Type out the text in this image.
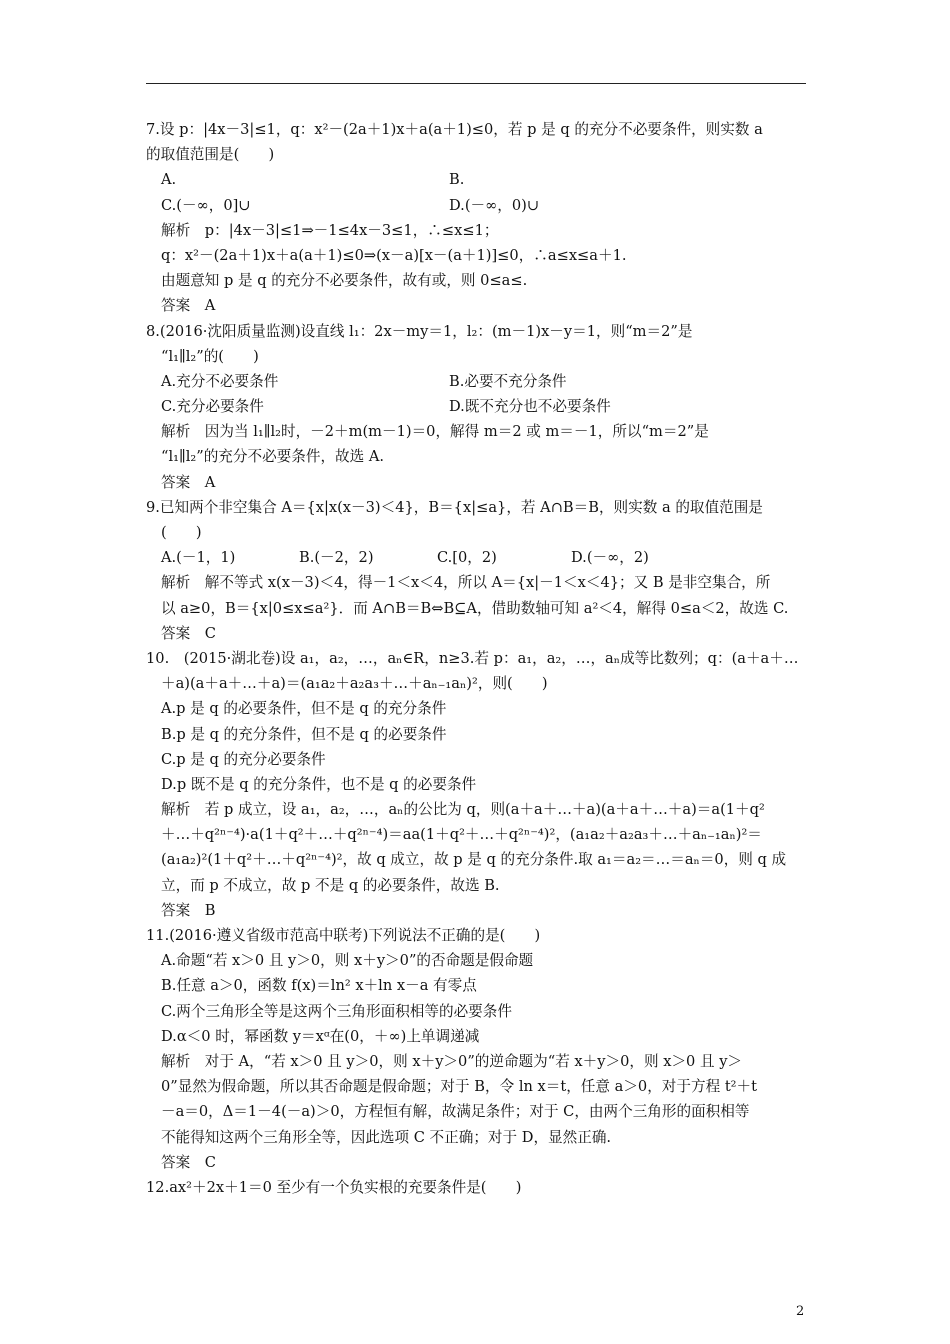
7.设 p：|4x－3|≤1，q：x²－(2a＋1)x＋a(a＋1)≤0，若 p 是 q 的充分不必要条件，则实数 a
的取值范围是(　　)
A.	B.
C.(－∞，0]∪	D.(－∞，0)∪
解析　p：|4x－3|≤1⇒－1≤4x－3≤1，∴≤x≤1；
q：x²－(2a＋1)x＋a(a＋1)≤0⇒(x－a)[x－(a＋1)]≤0，∴a≤x≤a＋1.
由题意知 p 是 q 的充分不必要条件，故有或，则 0≤a≤.
答案　A
8.(2016·沈阳质量监测)设直线 l₁：2x－my＝1，l₂：(m－1)x－y＝1，则“m＝2”是
“l₁∥l₂”的(　　)
A.充分不必要条件	B.必要不充分条件
C.充分必要条件	D.既不充分也不必要条件
解析　因为当 l₁∥l₂时，－2＋m(m－1)＝0，解得 m＝2 或 m＝－1，所以“m＝2”是
“l₁∥l₂”的充分不必要条件，故选 A.
答案　A
9.已知两个非空集合 A＝{x|x(x－3)＜4}，B＝{x|≤a}，若 A∩B＝B，则实数 a 的取值范围是
(　　)
A.(－1，1)	B.(－2，2)	C.[0，2)	D.(－∞，2)
解析　解不等式 x(x－3)＜4，得－1＜x＜4，所以 A＝{x|－1＜x＜4}；又 B 是非空集合，所
以 a≥0，B＝{x|0≤x≤a²}．而 A∩B＝B⇔B⊆A，借助数轴可知 a²＜4，解得 0≤a＜2，故选 C.
答案　C
10.　(2015·湖北卷)设 a₁，a₂，…，aₙ∈R，n≥3.若 p：a₁，a₂，…，aₙ成等比数列；q：(a＋a＋…
＋a)(a＋a＋…＋a)＝(a₁a₂＋a₂a₃＋…＋aₙ₋₁aₙ)²，则(　　)
A.p 是 q 的必要条件，但不是 q 的充分条件
B.p 是 q 的充分条件，但不是 q 的必要条件
C.p 是 q 的充分必要条件
D.p 既不是 q 的充分条件，也不是 q 的必要条件
解析　若 p 成立，设 a₁，a₂，…，aₙ的公比为 q，则(a＋a＋…＋a)(a＋a＋…＋a)＝a(1＋q²
＋…＋q²ⁿ⁻⁴)·a(1＋q²＋…＋q²ⁿ⁻⁴)＝aa(1＋q²＋…＋q²ⁿ⁻⁴)²，(a₁a₂＋a₂a₃＋…＋aₙ₋₁aₙ)²＝
(a₁a₂)²(1＋q²＋…＋q²ⁿ⁻⁴)²，故 q 成立，故 p 是 q 的充分条件.取 a₁＝a₂＝…＝aₙ＝0，则 q 成
立，而 p 不成立，故 p 不是 q 的必要条件，故选 B.
答案　B
11.(2016·遵义省级市范高中联考)下列说法不正确的是(　　)
A.命题“若 x＞0 且 y＞0，则 x＋y＞0”的否命题是假命题
B.任意 a＞0，函数 f(x)＝ln² x＋ln x－a 有零点
C.两个三角形全等是这两个三角形面积相等的必要条件
D.α＜0 时，幂函数 y＝xᵅ在(0，＋∞)上单调递减
解析　对于 A，“若 x＞0 且 y＞0，则 x＋y＞0”的逆命题为“若 x＋y＞0，则 x＞0 且 y＞
0”显然为假命题，所以其否命题是假命题；对于 B，令 ln x＝t，任意 a＞0，对于方程 t²＋t
－a＝0，Δ＝1－4(－a)＞0，方程恒有解，故满足条件；对于 C，由两个三角形的面积相等
不能得知这两个三角形全等，因此选项 C 不正确；对于 D，显然正确.
答案　C
12.ax²＋2x＋1＝0 至少有一个负实根的充要条件是(　　)
2
